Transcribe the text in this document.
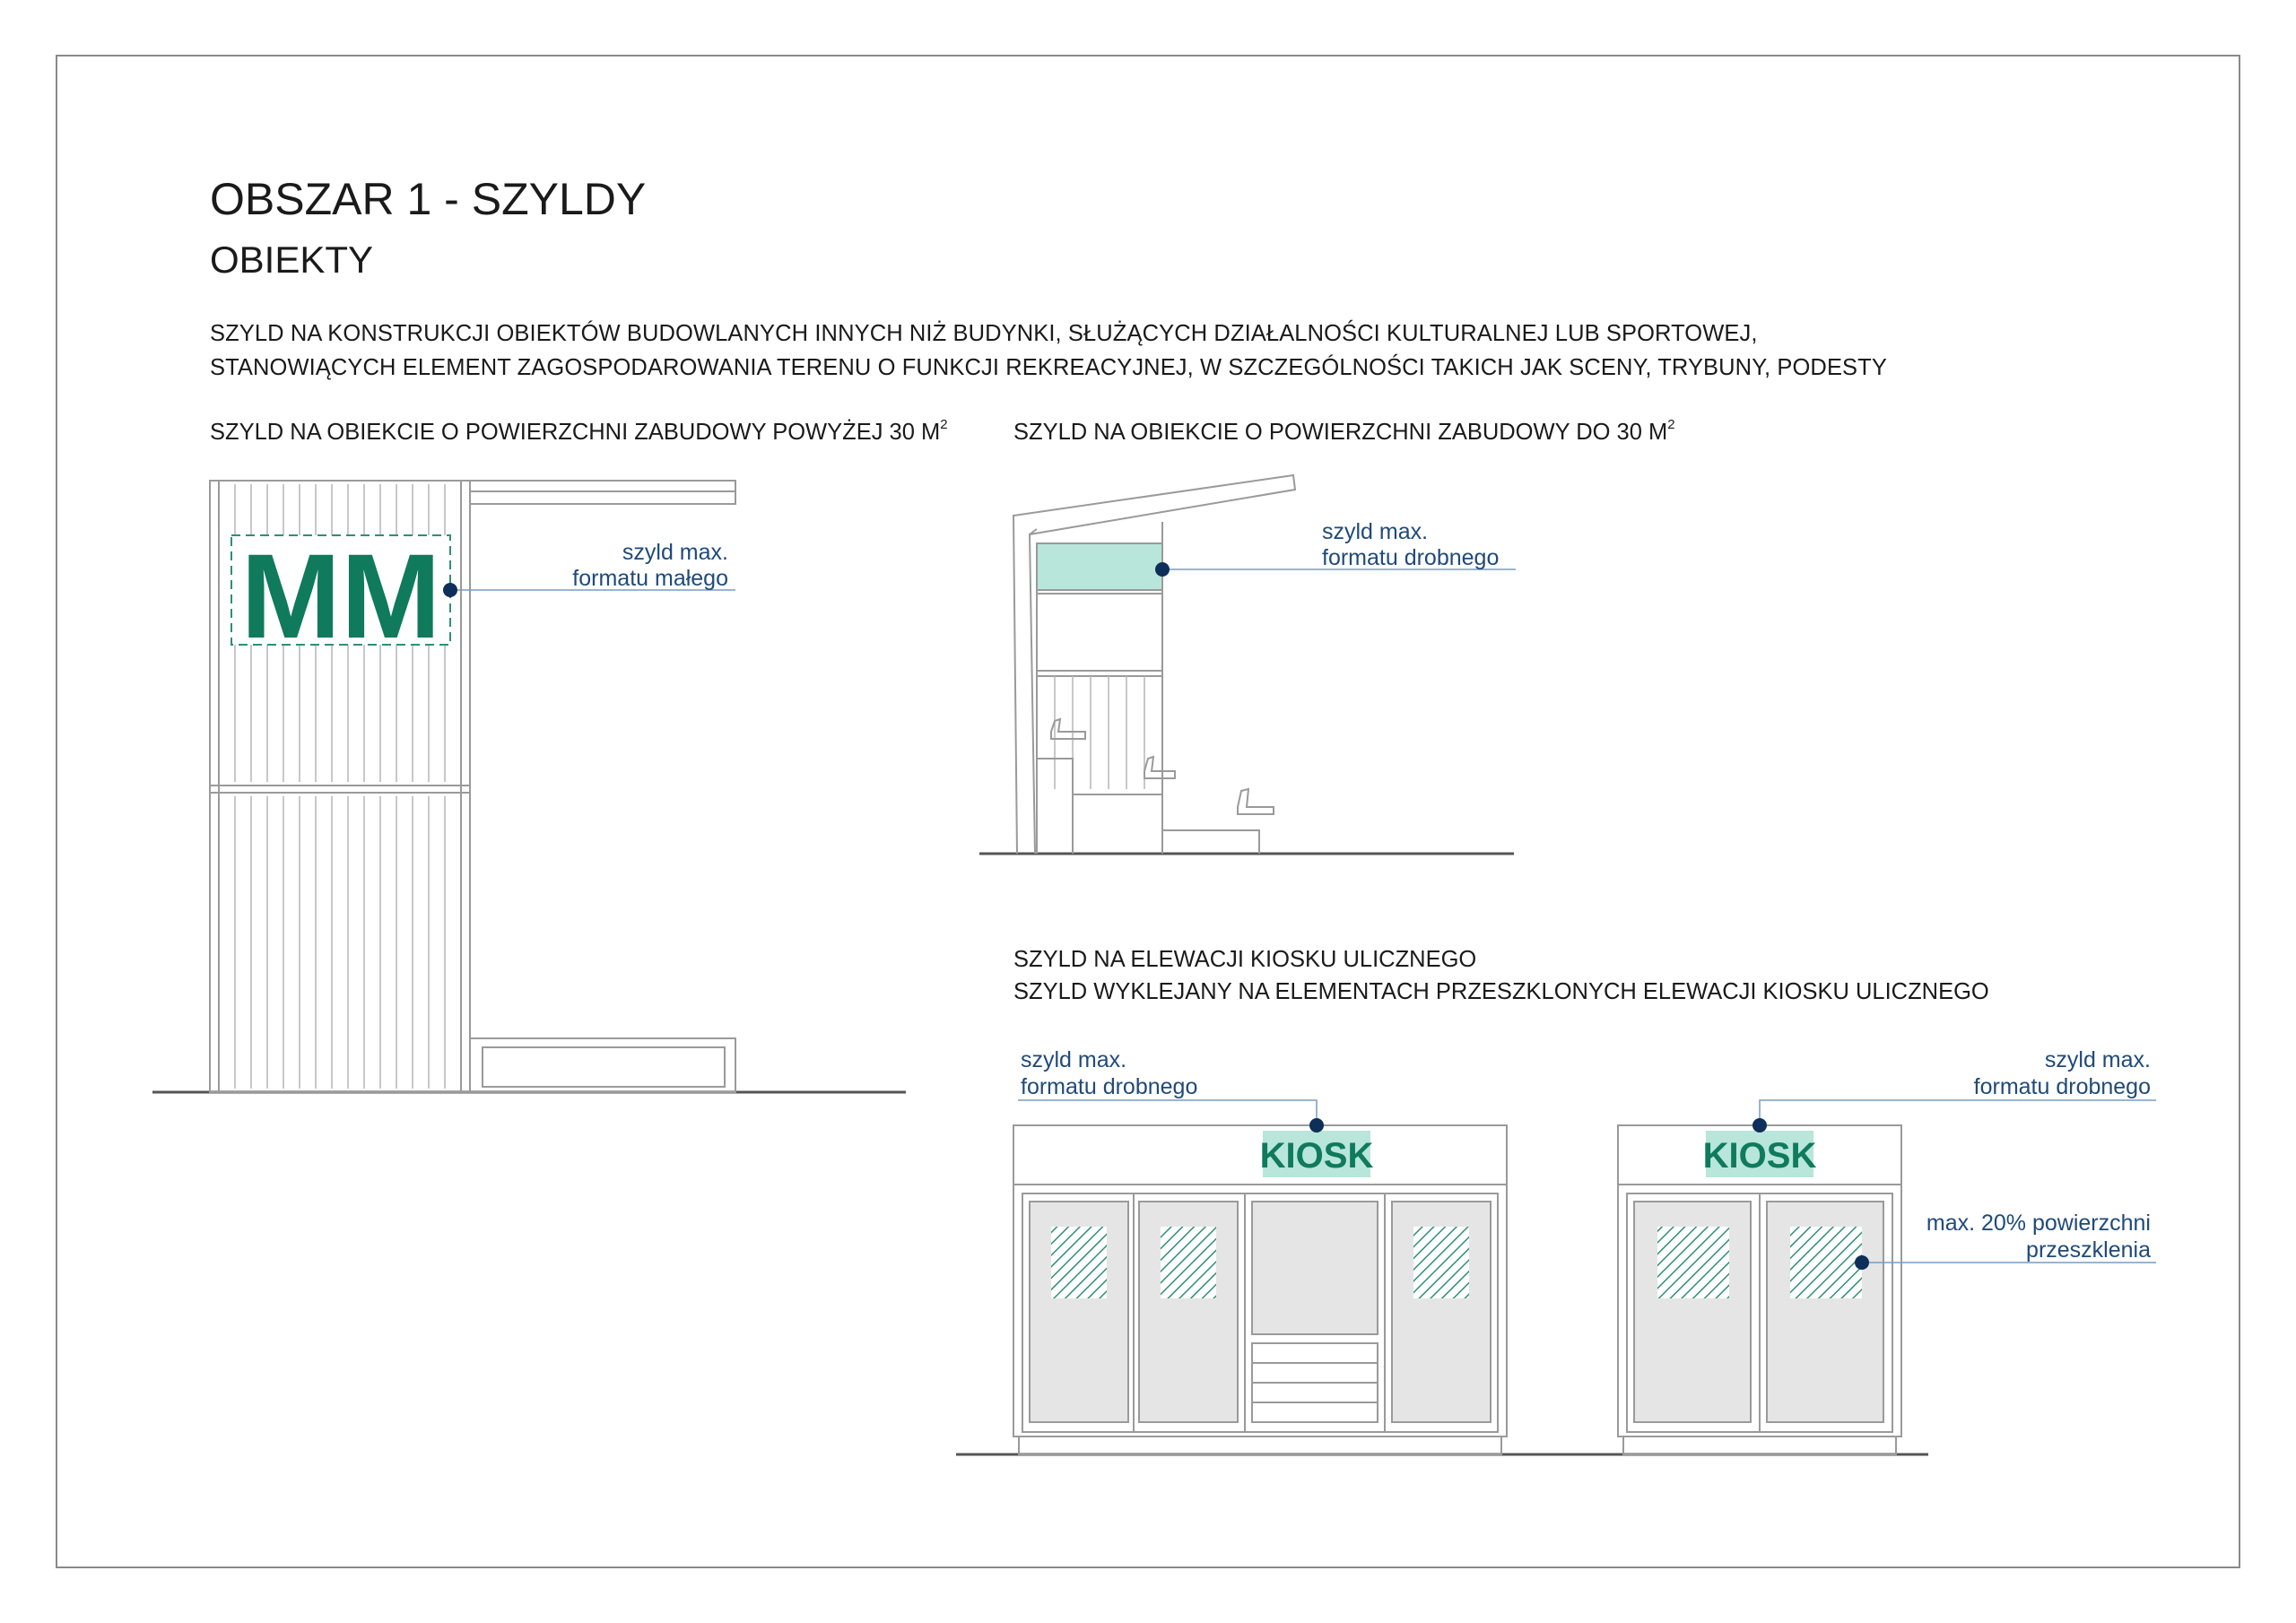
OBSZAR 1 - SZYLDY
OBIEKTY
SZYLD NA KONSTRUKCJI OBIEKTÓW BUDOWLANYCH INNYCH NIŻ BUDYNKI, SŁUŻĄCYCH DZIAŁALNOŚCI KULTURALNEJ LUB SPORTOWEJ,
STANOWIĄCYCH ELEMENT ZAGOSPODAROWANIA TERENU O FUNKCJI REKREACYJNEJ, W SZCZEGÓLNOŚCI TAKICH JAK SCENY, TRYBUNY, PODESTY
SZYLD NA OBIEKCIE O POWIERZCHNI ZABUDOWY POWYŻEJ 30 $M^2$	SZYLD NA OBIEKCIE O POWIERZCHNI ZABUDOWY DO 30 $M^2$
SZYLD NA ELEWACJI KIOSKU ULICZNEGO
SZYLD WYKLEJANY NA ELEMENTACH PRZESZKLONYCH ELEWACJI KIOSKU ULICZNEGO
MM	szyld max.
formatu małego
szyld max.
formatu drobnego
KIOSK
szyld max.
formatu drobnego
KIOSK
szyld max.
formatu drobnego
max. 20% powierzchni
przeszklenia
